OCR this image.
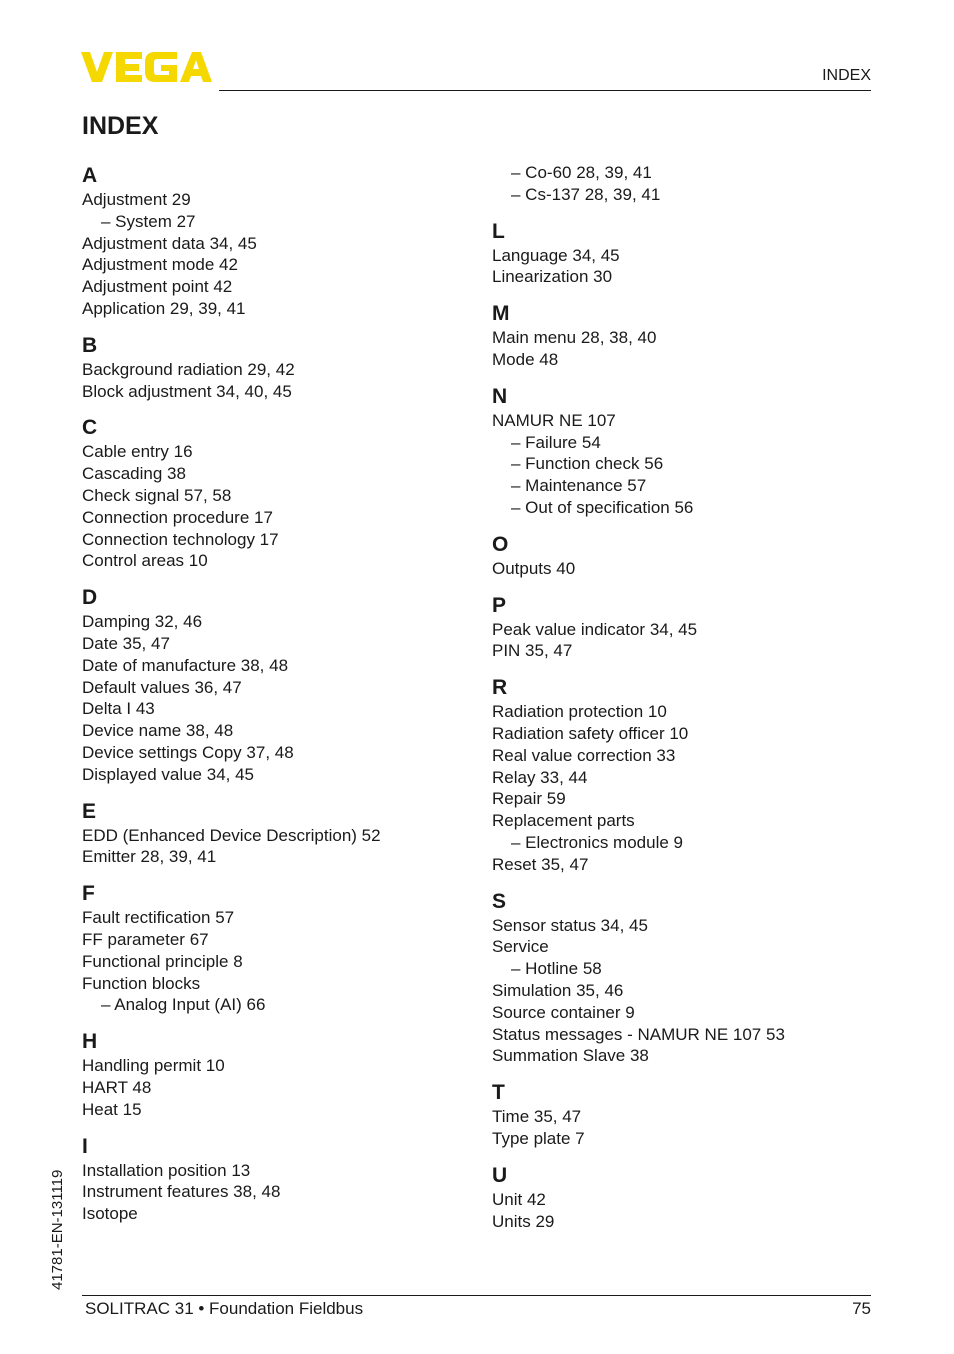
INDEX
INDEX
A
Adjustment 29
– System 27
Adjustment data 34, 45
Adjustment mode 42
Adjustment point 42
Application 29, 39, 41
B
Background radiation 29, 42
Block adjustment 34, 40, 45
C
Cable entry 16
Cascading 38
Check signal 57, 58
Connection procedure 17
Connection technology 17
Control areas 10
D
Damping 32, 46
Date 35, 47
Date of manufacture 38, 48
Default values 36, 47
Delta I 43
Device name 38, 48
Device settings Copy 37, 48
Displayed value 34, 45
E
EDD (Enhanced Device Description) 52
Emitter 28, 39, 41
F
Fault rectification 57
FF parameter 67
Functional principle 8
Function blocks
– Analog Input (AI) 66
H
Handling permit 10
HART 48
Heat 15
I
Installation position 13
Instrument features 38, 48
Isotope
– Co-60 28, 39, 41
– Cs-137 28, 39, 41
L
Language 34, 45
Linearization 30
M
Main menu 28, 38, 40
Mode 48
N
NAMUR NE 107
– Failure 54
– Function check 56
– Maintenance 57
– Out of specification 56
O
Outputs 40
P
Peak value indicator 34, 45
PIN 35, 47
R
Radiation protection 10
Radiation safety officer 10
Real value correction 33
Relay 33, 44
Repair 59
Replacement parts
– Electronics module 9
Reset 35, 47
S
Sensor status 34, 45
Service
– Hotline 58
Simulation 35, 46
Source container 9
Status messages - NAMUR NE 107 53
Summation Slave 38
T
Time 35, 47
Type plate 7
U
Unit 42
Units 29
41781-EN-131119
SOLITRAC 31 • Foundation Fieldbus	75
